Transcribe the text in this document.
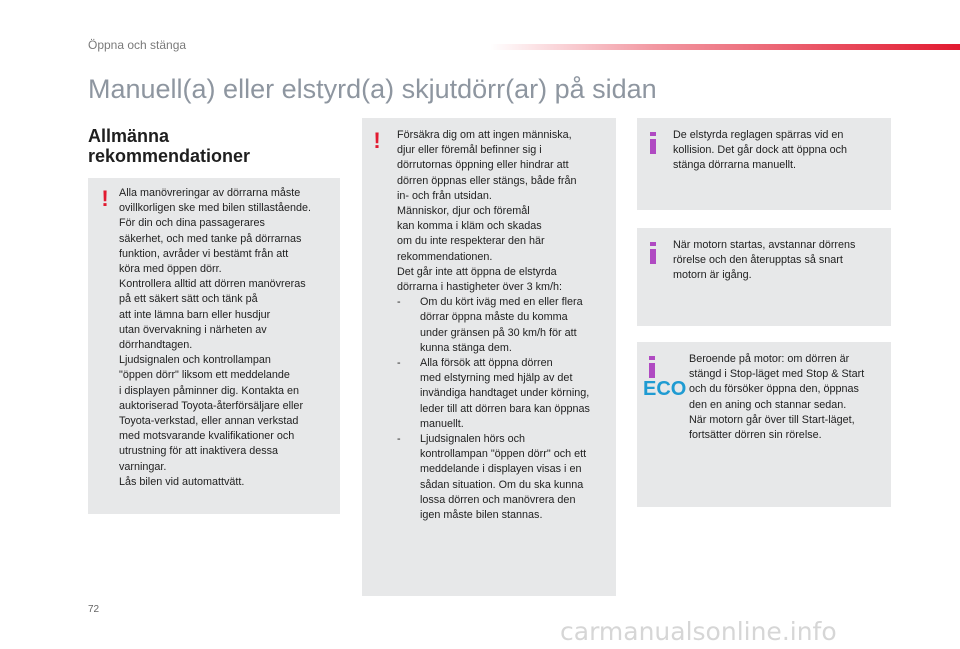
Öppna och stänga
Manuell(a) eller elstyrd(a) skjutdörr(ar) på sidan
Allmänna
rekommendationer
! Alla manövreringar av dörrarna måste
ovillkorligen ske med bilen stillastående.
För din och dina passagerares
säkerhet, och med tanke på dörrarnas
funktion, avråder vi bestämt från att
köra med öppen dörr.
Kontrollera alltid att dörren manövreras
på ett säkert sätt och tänk på
att inte lämna barn eller husdjur
utan övervakning i närheten av
dörrhandtagen.
Ljudsignalen och kontrollampan
"öppen dörr" liksom ett meddelande
i displayen påminner dig. Kontakta en
auktoriserad Toyota-återförsäljare eller
Toyota-verkstad, eller annan verkstad
med motsvarande kvalifikationer och
utrustning för att inaktivera dessa
varningar.
Lås bilen vid automattvätt.
! Försäkra dig om att ingen människa,
djur eller föremål befinner sig i
dörrutornas öppning eller hindrar att
dörren öppnas eller stängs, både från
in- och från utsidan.
Människor, djur och föremål
kan komma i kläm och skadas
om du inte respekterar den här
rekommendationen.
Det går inte att öppna de elstyrda
dörrarna i hastigheter över 3 km/h:
-	Om du kört iväg med en eller flera
dörrar öppna måste du komma
under gränsen på 30 km/h för att
kunna stänga dem.
-	Alla försök att öppna dörren
med elstyrning med hjälp av det
invändiga handtaget under körning,
leder till att dörren bara kan öppnas
manuellt.
-	Ljudsignalen hörs och
kontrollampan "öppen dörr" och ett
meddelande i displayen visas i en
sådan situation. Om du ska kunna
lossa dörren och manövrera den
igen måste bilen stannas.
De elstyrda reglagen spärras vid en
kollision. Det går dock att öppna och
stänga dörrarna manuellt.
När motorn startas, avstannar dörrens
rörelse och den återupptas så snart
motorn är igång.
ECO
Beroende på motor: om dörren är
stängd i Stop-läget med Stop & Start
och du försöker öppna den, öppnas
den en aning och stannar sedan.
När motorn går över till Start-läget,
fortsätter dörren sin rörelse.
72
carmanualsonline.info
